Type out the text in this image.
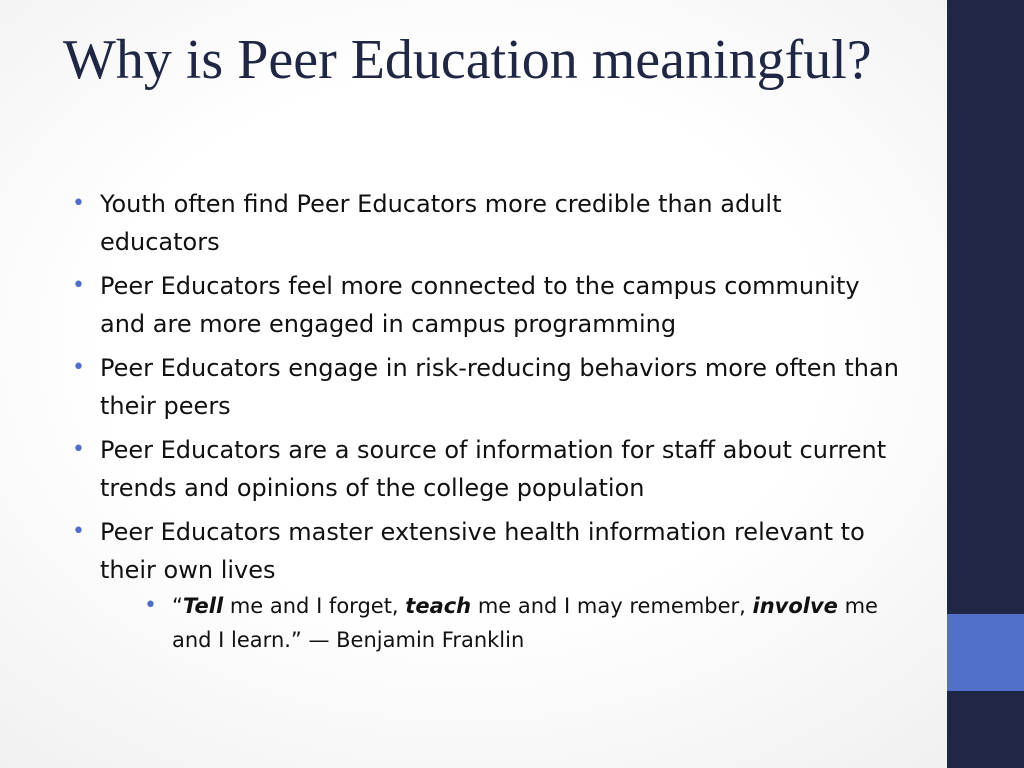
Why is Peer Education meaningful?
• Youth often find Peer Educators more credible than adult educators
• Peer Educators feel more connected to the campus community and are more engaged in campus programming
• Peer Educators engage in risk-reducing behaviors more often than their peers
• Peer Educators are a source of information for staff about current trends and opinions of the college population
• Peer Educators master extensive health information relevant to their own lives
• “Tell me and I forget, teach me and I may remember, involve me and I learn.” — Benjamin Franklin
